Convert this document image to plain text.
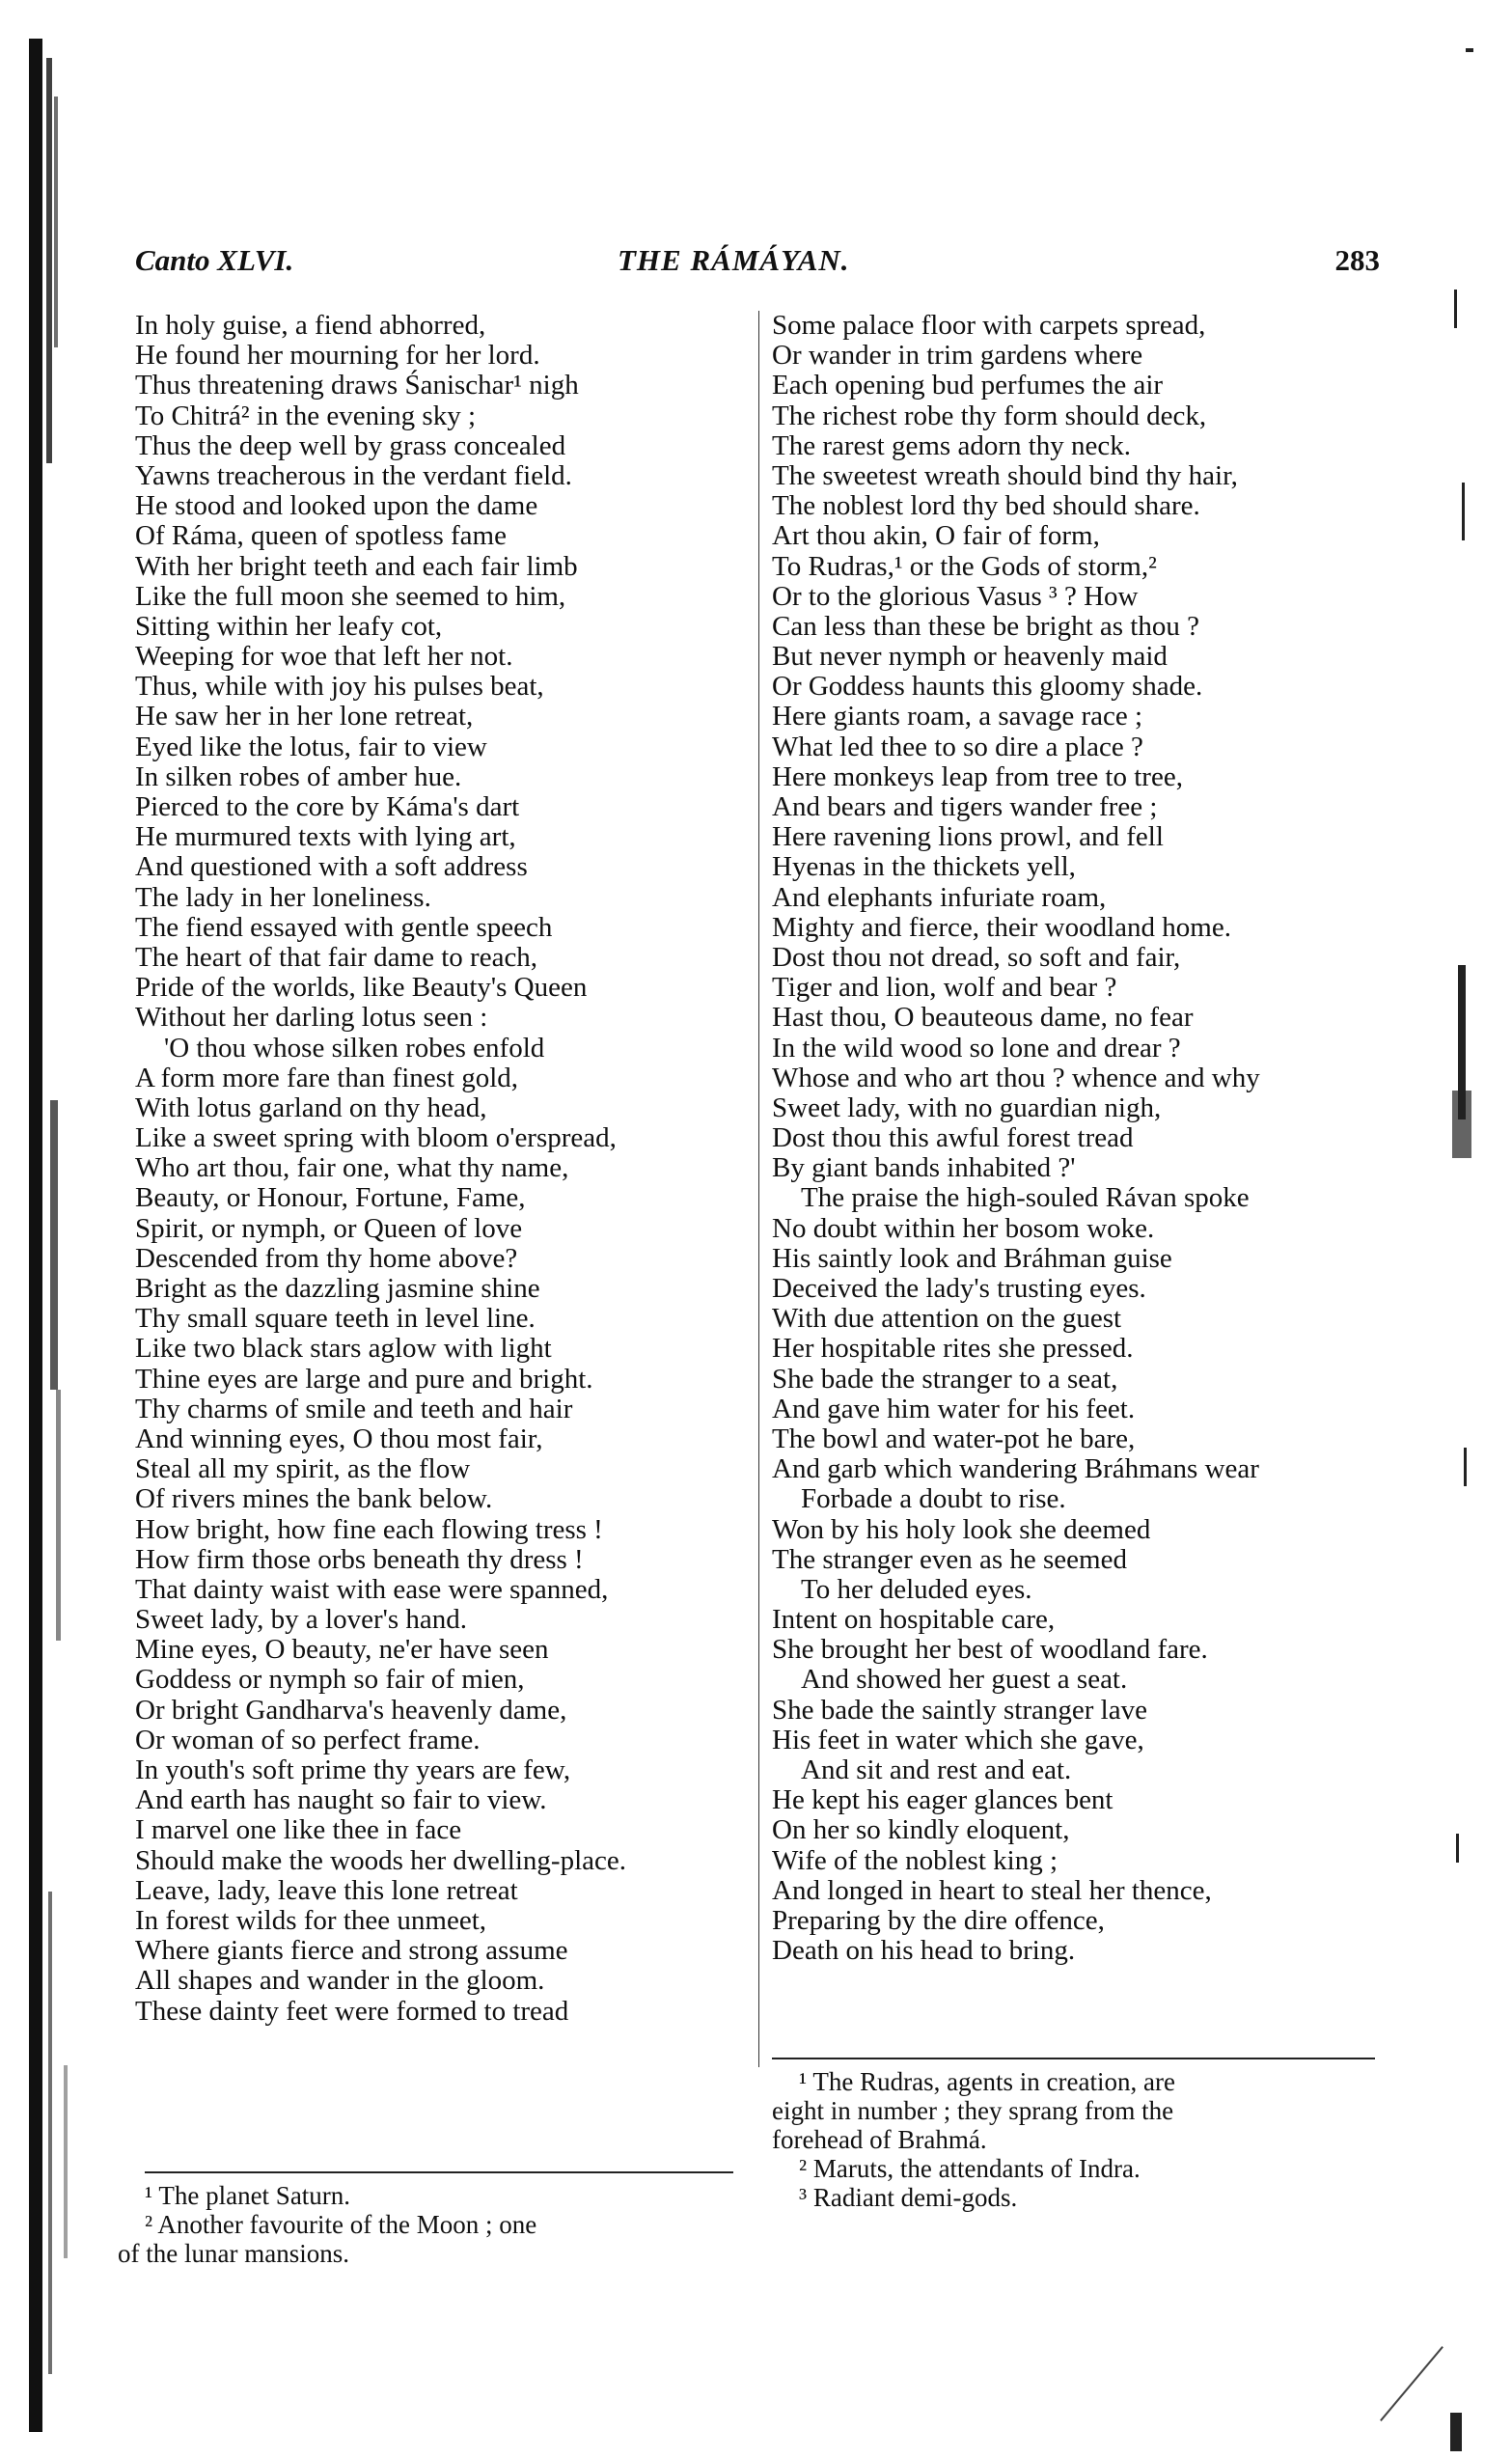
Canto XLVI.	THE RÁMÁYAN.	283
In holy guise, a fiend abhorred,
He found her mourning for her lord.
Thus threatening draws Śanischar¹ nigh
To Chitrá² in the evening sky ;
Thus the deep well by grass concealed
Yawns treacherous in the verdant field.
He stood and looked upon the dame
Of Ráma, queen of spotless fame
With her bright teeth and each fair limb
Like the full moon she seemed to him,
Sitting within her leafy cot,
Weeping for woe that left her not.
Thus, while with joy his pulses beat,
He saw her in her lone retreat,
Eyed like the lotus, fair to view
In silken robes of amber hue.
Pierced to the core by Káma's dart
He murmured texts with lying art,
And questioned with a soft address
The lady in her loneliness.
The fiend essayed with gentle speech
The heart of that fair dame to reach,
Pride of the worlds, like Beauty's Queen
Without her darling lotus seen :
'O thou whose silken robes enfold
A form more fare than finest gold,
With lotus garland on thy head,
Like a sweet spring with bloom o'erspread,
Who art thou, fair one, what thy name,
Beauty, or Honour, Fortune, Fame,
Spirit, or nymph, or Queen of love
Descended from thy home above?
Bright as the dazzling jasmine shine
Thy small square teeth in level line.
Like two black stars aglow with light
Thine eyes are large and pure and bright.
Thy charms of smile and teeth and hair
And winning eyes, O thou most fair,
Steal all my spirit, as the flow
Of rivers mines the bank below.
How bright, how fine each flowing tress !
How firm those orbs beneath thy dress !
That dainty waist with ease were spanned,
Sweet lady, by a lover's hand.
Mine eyes, O beauty, ne'er have seen
Goddess or nymph so fair of mien,
Or bright Gandharva's heavenly dame,
Or woman of so perfect frame.
In youth's soft prime thy years are few,
And earth has naught so fair to view.
I marvel one like thee in face
Should make the woods her dwelling-place.
Leave, lady, leave this lone retreat
In forest wilds for thee unmeet,
Where giants fierce and strong assume
All shapes and wander in the gloom.
These dainty feet were formed to tread
Some palace floor with carpets spread,
Or wander in trim gardens where
Each opening bud perfumes the air
The richest robe thy form should deck,
The rarest gems adorn thy neck.
The sweetest wreath should bind thy hair,
The noblest lord thy bed should share.
Art thou akin, O fair of form,
To Rudras,¹ or the Gods of storm,²
Or to the glorious Vasus ³ ? How
Can less than these be bright as thou ?
But never nymph or heavenly maid
Or Goddess haunts this gloomy shade.
Here giants roam, a savage race ;
What led thee to so dire a place ?
Here monkeys leap from tree to tree,
And bears and tigers wander free ;
Here ravening lions prowl, and fell
Hyenas in the thickets yell,
And elephants infuriate roam,
Mighty and fierce, their woodland home.
Dost thou not dread, so soft and fair,
Tiger and lion, wolf and bear ?
Hast thou, O beauteous dame, no fear
In the wild wood so lone and drear ?
Whose and who art thou ? whence and why
Sweet lady, with no guardian nigh,
Dost thou this awful forest tread
By giant bands inhabited ?'
The praise the high-souled Rávan spoke
No doubt within her bosom woke.
His saintly look and Bráhman guise
Deceived the lady's trusting eyes.
With due attention on the guest
Her hospitable rites she pressed.
She bade the stranger to a seat,
And gave him water for his feet.
The bowl and water-pot he bare,
And garb which wandering Bráhmans wear
Forbade a doubt to rise.
Won by his holy look she deemed
The stranger even as he seemed
To her deluded eyes.
Intent on hospitable care,
She brought her best of woodland fare.
And showed her guest a seat.
She bade the saintly stranger lave
His feet in water which she gave,
And sit and rest and eat.
He kept his eager glances bent
On her so kindly eloquent,
Wife of the noblest king ;
And longed in heart to steal her thence,
Preparing by the dire offence,
Death on his head to bring.
¹ The planet Saturn.
² Another favourite of the Moon ; one
of the lunar mansions.
¹ The Rudras, agents in creation, are
eight in number ; they sprang from the
forehead of Brahmá.
² Maruts, the attendants of Indra.
³ Radiant demi-gods.
